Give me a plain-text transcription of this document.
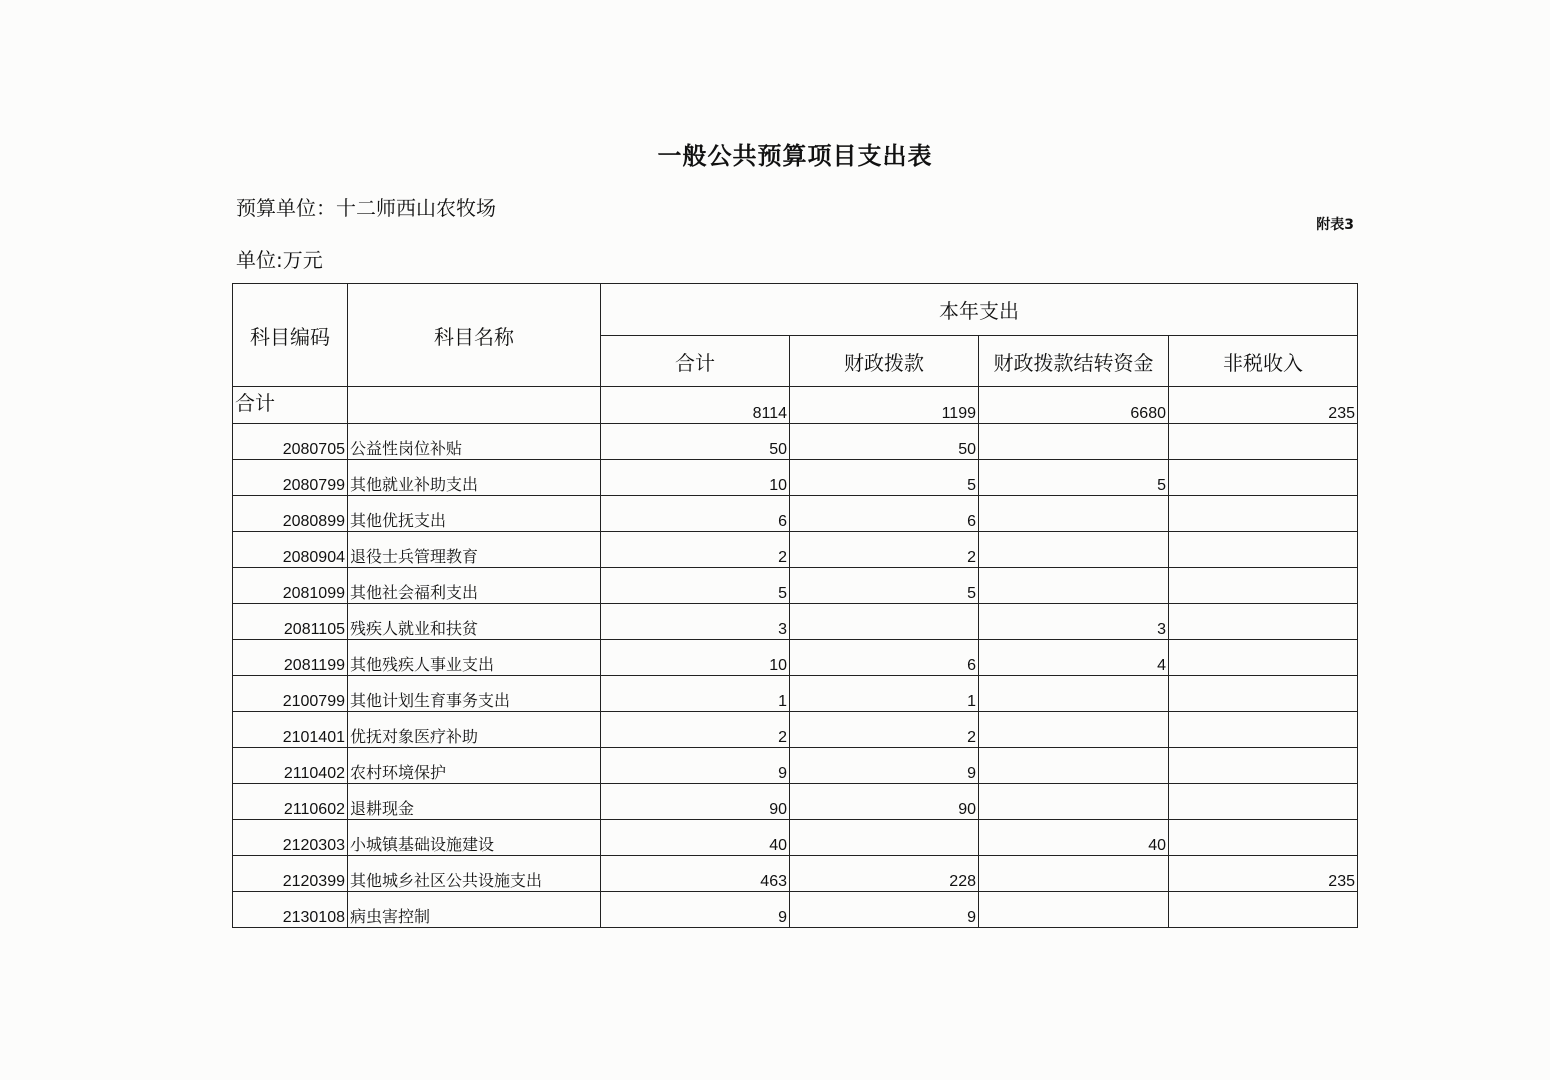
一般公共预算项目支出表
预算单位：十二师西山农牧场
单位:万元
附表3
科目编码	科目名称	本年支出			
		合计	财政拨款	财政拨款结转资金	非税收入
合计		8114	1199	6680	235
2080705	公益性岗位补贴	50	50		
2080799	其他就业补助支出	10	5	5	
2080899	其他优抚支出	6	6		
2080904	退役士兵管理教育	2	2		
2081099	其他社会福利支出	5	5		
2081105	残疾人就业和扶贫	3		3	
2081199	其他残疾人事业支出	10	6	4	
2100799	其他计划生育事务支出	1	1		
2101401	优抚对象医疗补助	2	2		
2110402	农村环境保护	9	9		
2110602	退耕现金	90	90		
2120303	小城镇基础设施建设	40		40	
2120399	其他城乡社区公共设施支出	463	228		235
2130108	病虫害控制	9	9		
